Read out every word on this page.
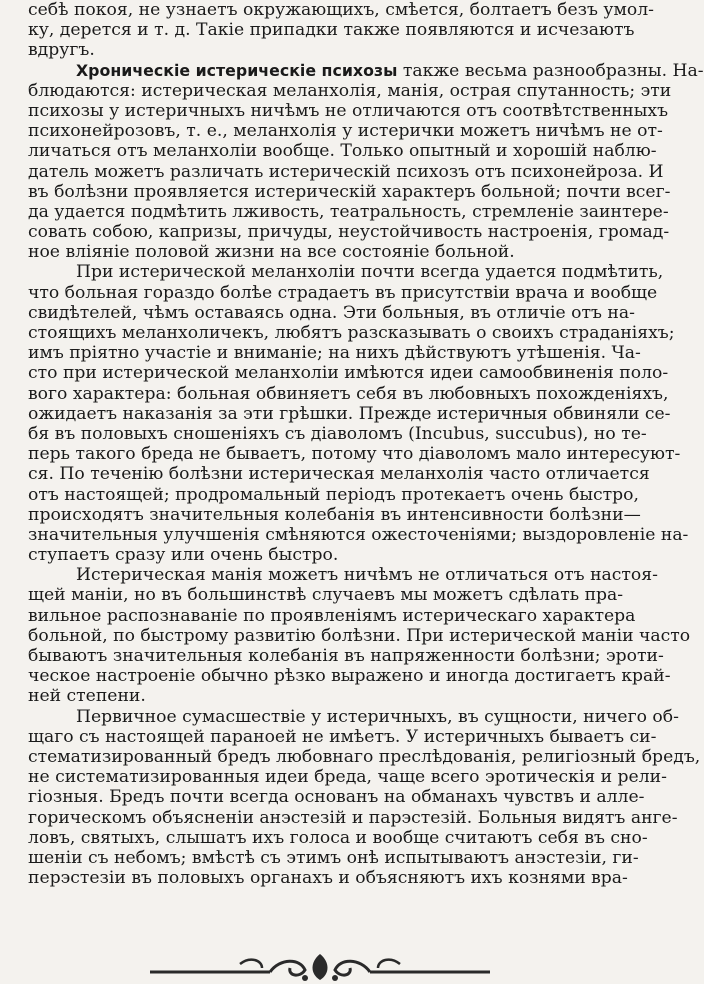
себѣ покоя, не узнаетъ окружающихъ, смѣется, болтаетъ безъ умол-
ку, дерется и т. д. Такіе припадки также появляются и исчезаютъ
вдругъ.
Хроническіе истерическіе психозы также весьма разнообразны. На-
блюдаются: истерическая меланхолія, манія, острая спутанность; эти
психозы у истеричныхъ ничѣмъ не отличаются отъ соотвѣтственныхъ
психонейрозовъ, т. е., меланхолія у истерички можетъ ничѣмъ не от-
личаться отъ меланхоліи вообще. Только опытный и хорошій наблю-
датель можетъ различать истерическій психозъ отъ психонейроза. И
въ болѣзни проявляется истерическій характеръ больной; почти всег-
да удается подмѣтить лживость, театральность, стремленіе заинтере-
совать собою, капризы, причуды, неустойчивость настроенія, громад-
ное вліяніе половой жизни на все состояніе больной.
При истерической меланхоліи почти всегда удается подмѣтить,
что больная гораздо болѣе страдаетъ въ присутствіи врача и вообще
свидѣтелей, чѣмъ оставаясь одна. Эти больныя, въ отличіе отъ на-
стоящихъ меланхоличекъ, любятъ разсказывать о своихъ страданіяхъ;
имъ пріятно участіе и вниманіе; на нихъ дѣйствуютъ утѣшенія. Ча-
сто при истерической меланхоліи имѣются идеи самообвиненія поло-
вого характера: больная обвиняетъ себя въ любовныхъ похожденіяхъ,
ожидаетъ наказанія за эти грѣшки. Прежде истеричныя обвиняли се-
бя въ половыхъ сношеніяхъ съ діаволомъ (Incubus, succubus), но те-
перь такого бреда не бываетъ, потому что діаволомъ мало интересуют-
ся. По теченію болѣзни истерическая меланхолія часто отличается
отъ настоящей; продромальный періодъ протекаетъ очень быстро,
происходятъ значительныя колебанія въ интенсивности болѣзни—
значительныя улучшенія смѣняются ожесточеніями; выздоровленіе на-
ступаетъ сразу или очень быстро.
Истерическая манія можетъ ничѣмъ не отличаться отъ настоя-
щей маніи, но въ большинствѣ случаевъ мы можетъ сдѣлать пра-
вильное распознаваніе по проявленіямъ истерическаго характера
больной, по быстрому развитію болѣзни. При истерической маніи часто
бываютъ значительныя колебанія въ напряженности болѣзни; эроти-
ческое настроеніе обычно рѣзко выражено и иногда достигаетъ край-
ней степени.
Первичное сумасшествіе у истеричныхъ, въ сущности, ничего об-
щаго съ настоящей параноей не имѣетъ. У истеричныхъ бываетъ си-
стематизированный бредъ любовнаго преслѣдованія, религіозный бредъ,
не систематизированныя идеи бреда, чаще всего эротическія и рели-
гіозныя. Бредъ почти всегда основанъ на обманахъ чувствъ и алле-
горическомъ объясненіи анэстезій и парэстезій. Больныя видятъ анге-
ловъ, святыхъ, слышатъ ихъ голоса и вообще считаютъ себя въ сно-
шеніи съ небомъ; вмѣстѣ съ этимъ онѣ испытываютъ анэстезіи, ги-
перэстезіи въ половыхъ органахъ и объясняютъ ихъ кознями вра-
